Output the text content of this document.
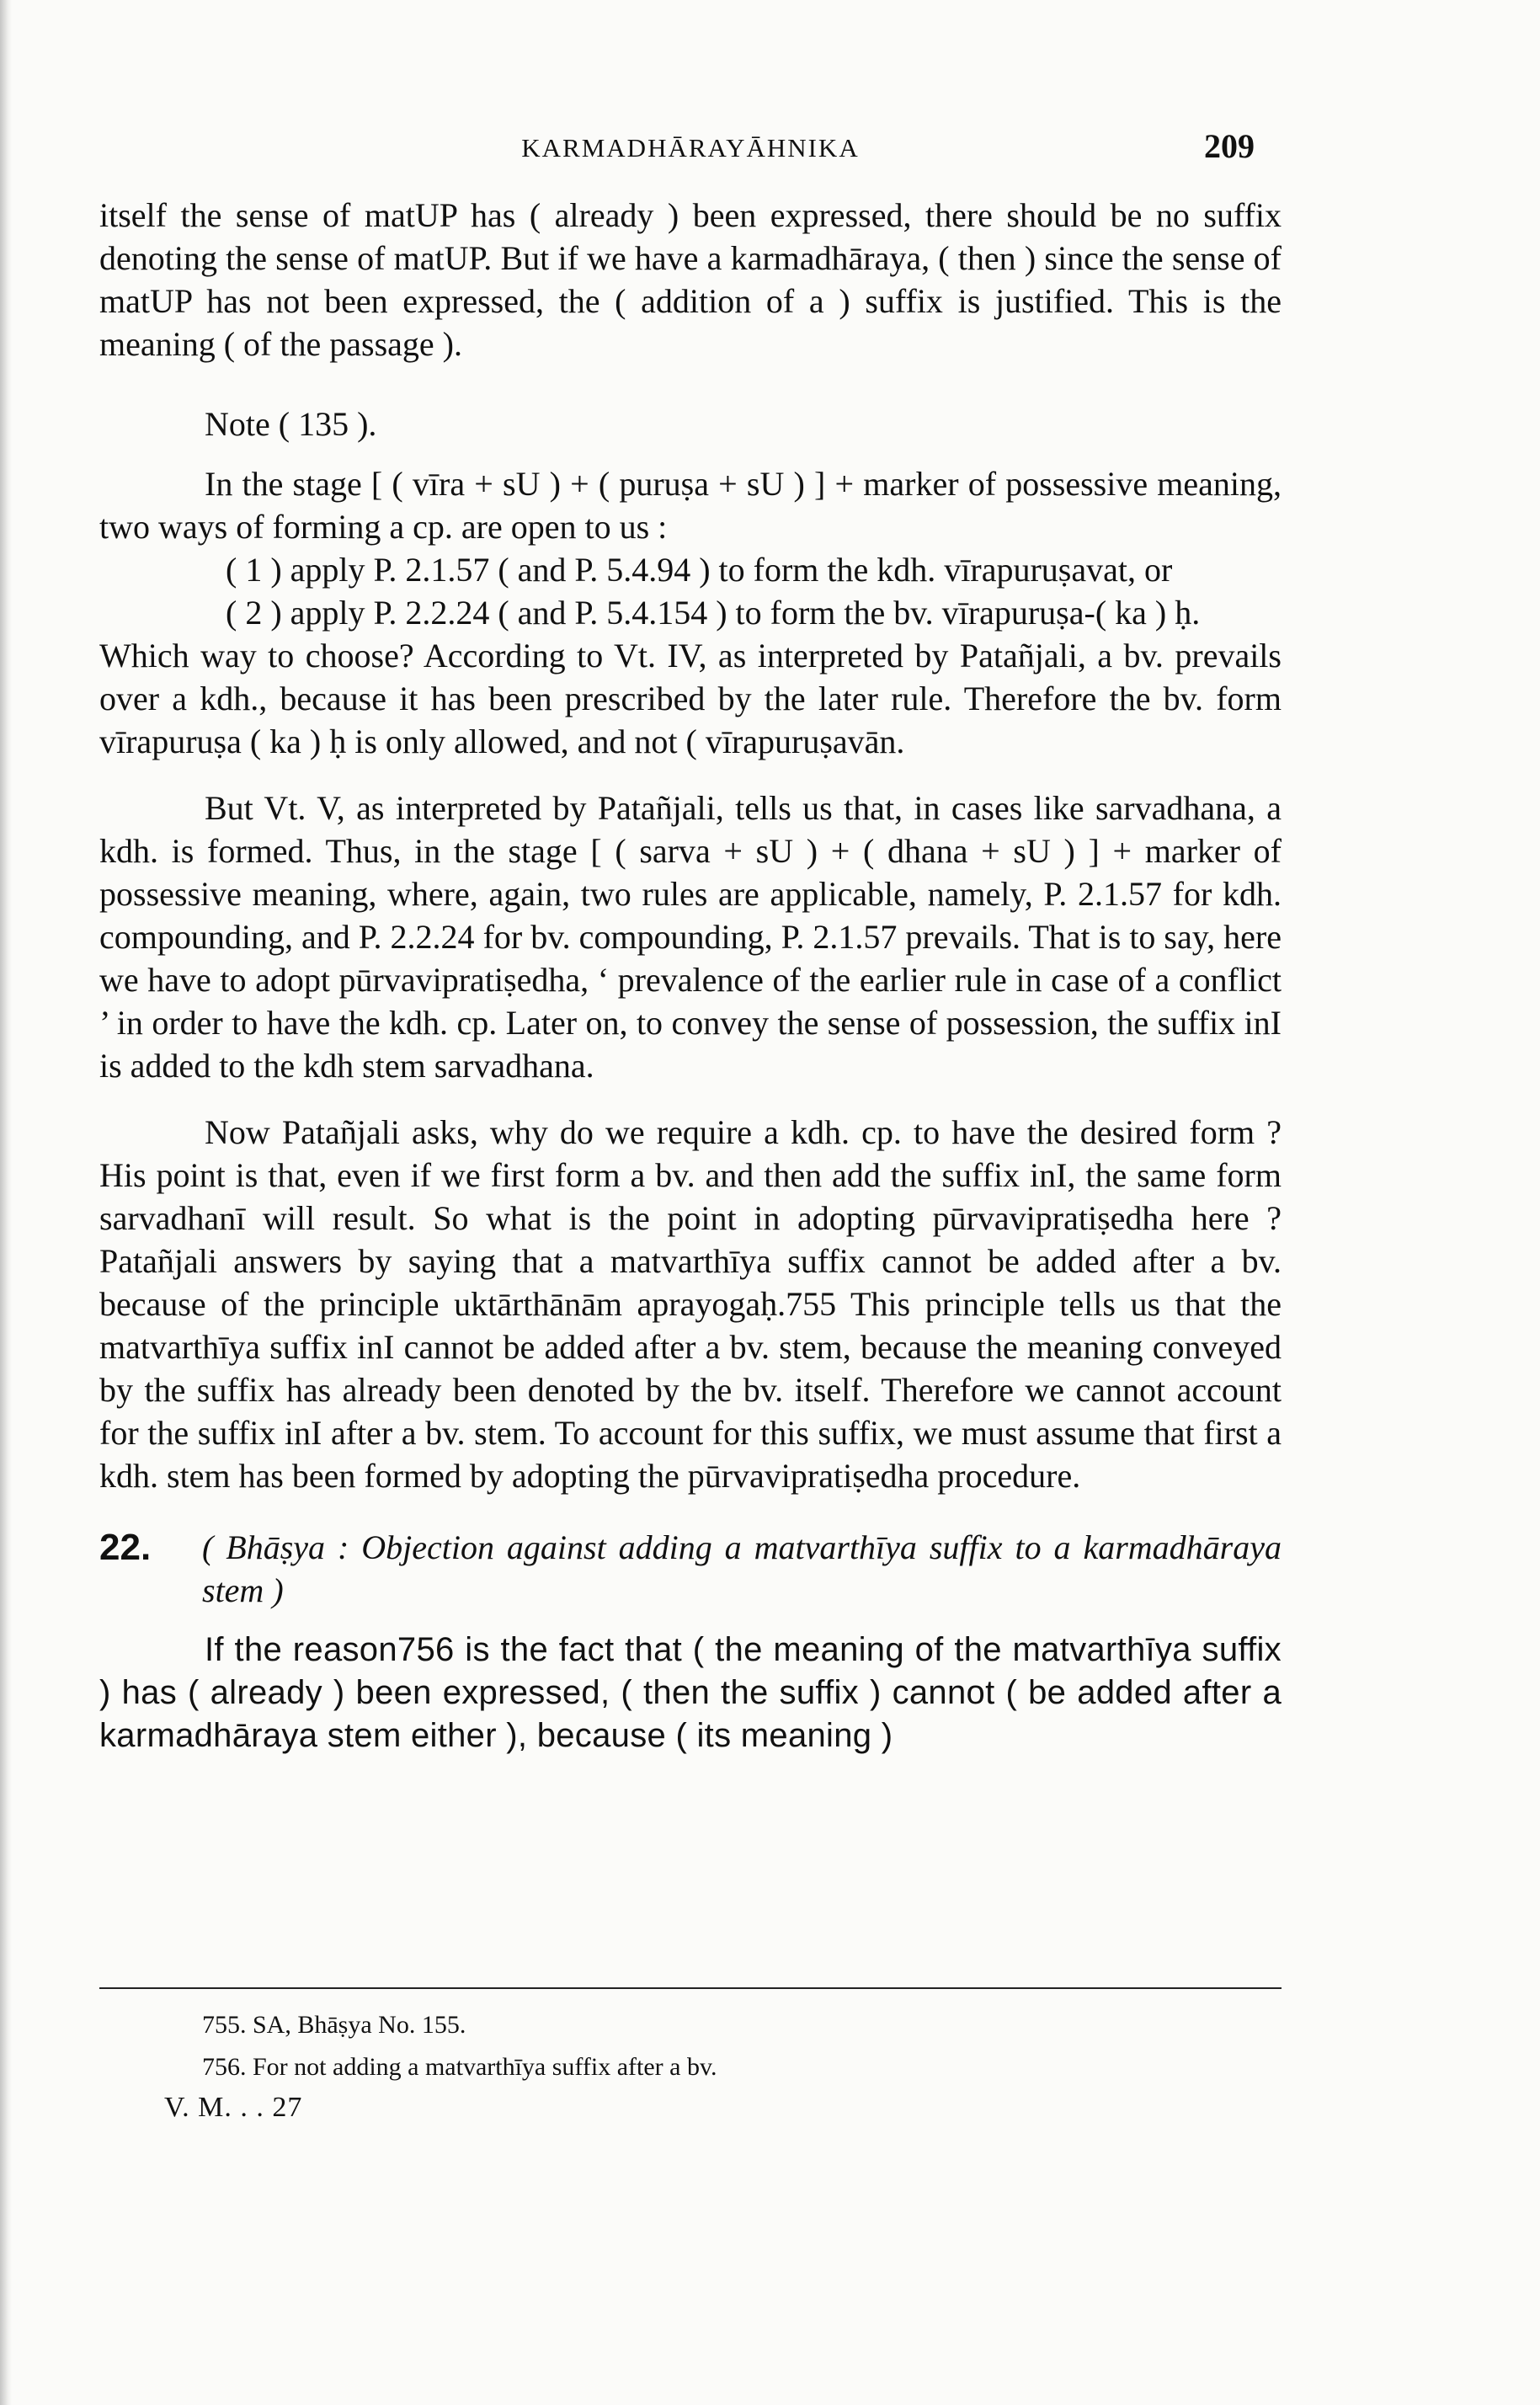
KARMADHĀRAYĀHNIKA	209

itself the sense of matUP has ( already ) been expressed, there should be no suffix denoting the sense of matUP. But if we have a karmadhāraya, ( then ) since the sense of matUP has not been expressed, the ( addition of a ) suffix is justified. This is the meaning ( of the passage ).

Note ( 135 ).

In the stage [ ( vīra + sU ) + ( puruṣa + sU ) ] + marker of possessive meaning, two ways of forming a cp. are open to us :

( 1 ) apply P. 2.1.57 ( and P. 5.4.94 ) to form the kdh. vīrapuruṣavat, or

( 2 ) apply P. 2.2.24 ( and P. 5.4.154 ) to form the bv. vīrapuruṣa-( ka ) ḥ.

Which way to choose? According to Vt. IV, as interpreted by Patañjali, a bv. prevails over a kdh., because it has been prescribed by the later rule. Therefore the bv. form vīrapuruṣa ( ka ) ḥ is only allowed, and not ( vīrapuruṣavān.

But Vt. V, as interpreted by Patañjali, tells us that, in cases like sarvadhana, a kdh. is formed. Thus, in the stage [ ( sarva + sU ) + ( dhana + sU ) ] + marker of possessive meaning, where, again, two rules are applicable, namely, P. 2.1.57 for kdh. compounding, and P. 2.2.24 for bv. compounding, P. 2.1.57 prevails. That is to say, here we have to adopt pūrvavipratiṣedha, ‘ prevalence of the earlier rule in case of a conflict ’ in order to have the kdh. cp. Later on, to convey the sense of possession, the suffix inI is added to the kdh stem sarvadhana.

Now Patañjali asks, why do we require a kdh. cp. to have the desired form ? His point is that, even if we first form a bv. and then add the suffix inI, the same form sarvadhanī will result. So what is the point in adopting pūrvavipratiṣedha here ? Patañjali answers by saying that a matvarthīya suffix cannot be added after a bv. because of the principle uktārthānām aprayogaḥ.755 This principle tells us that the matvarthīya suffix inI cannot be added after a bv. stem, because the meaning conveyed by the suffix has already been denoted by the bv. itself. Therefore we cannot account for the suffix inI after a bv. stem. To account for this suffix, we must assume that first a kdh. stem has been formed by adopting the pūrvavipratiṣedha procedure.

22.	( Bhāṣya : Objection against adding a matvarthīya suffix to a karmadhāraya stem )

If the reason756 is the fact that ( the meaning of the matvarthīya suffix ) has ( already ) been expressed, ( then the suffix ) cannot ( be added after a karmadhāraya stem either ), because ( its meaning )

755. SA, Bhāṣya No. 155.

756. For not adding a matvarthīya suffix after a bv.

V. M. . . 27
